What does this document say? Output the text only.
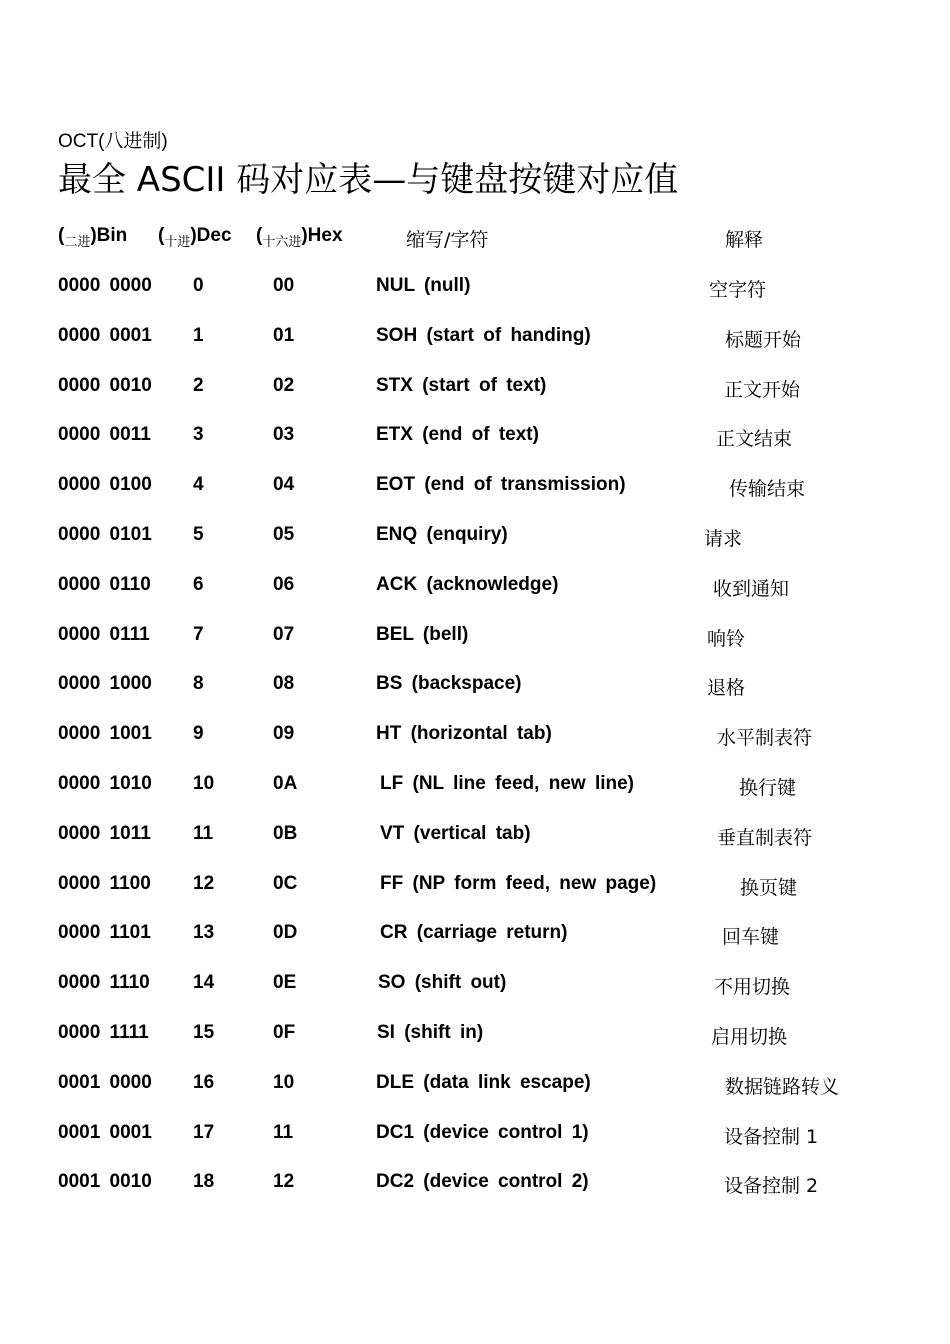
OCT(八进制)
最全 ASCII 码对应表—与键盘按键对应值
$(_{二进})Bin$ $(_{十进})Dec$ $(_{十六进})Hex$	缩写/字符	解释
0000 0000 0	00	NUL (null)	空字符
0000 0001 1	01	SOH (start of handing)	标题开始
0000 0010 2	02	STX (start of text)	正文开始
0000 0011 3	03	ETX (end of text)	正文结束
0000 0100 4	04	EOT (end of transmission)	传输结束
0000 0101 5	05	ENQ (enquiry)	请求
0000 0110 6	06	ACK (acknowledge)	收到通知
0000 0111 7	07	BEL (bell)	响铃
0000 1000 8	08	BS (backspace)	退格
0000 1001 9	09	HT (horizontal tab)	水平制表符
0000 1010 10	0A	LF (NL line feed, new line)	换行键
0000 1011 11	0B	VT (vertical tab)	垂直制表符
0000 1100 12	0C	FF (NP form feed, new page)	换页键
0000 1101 13	0D	CR (carriage return)	回车键
0000 1110 14	0E	SO (shift out)	不用切换
0000 1111 15	0F	SI (shift in)	启用切换
0001 0000 16	10	DLE (data link escape)	数据链路转义
0001 0001 17	11	DC1 (device control 1)	设备控制 1
0001 0010 18	12	DC2 (device control 2)	设备控制 2
